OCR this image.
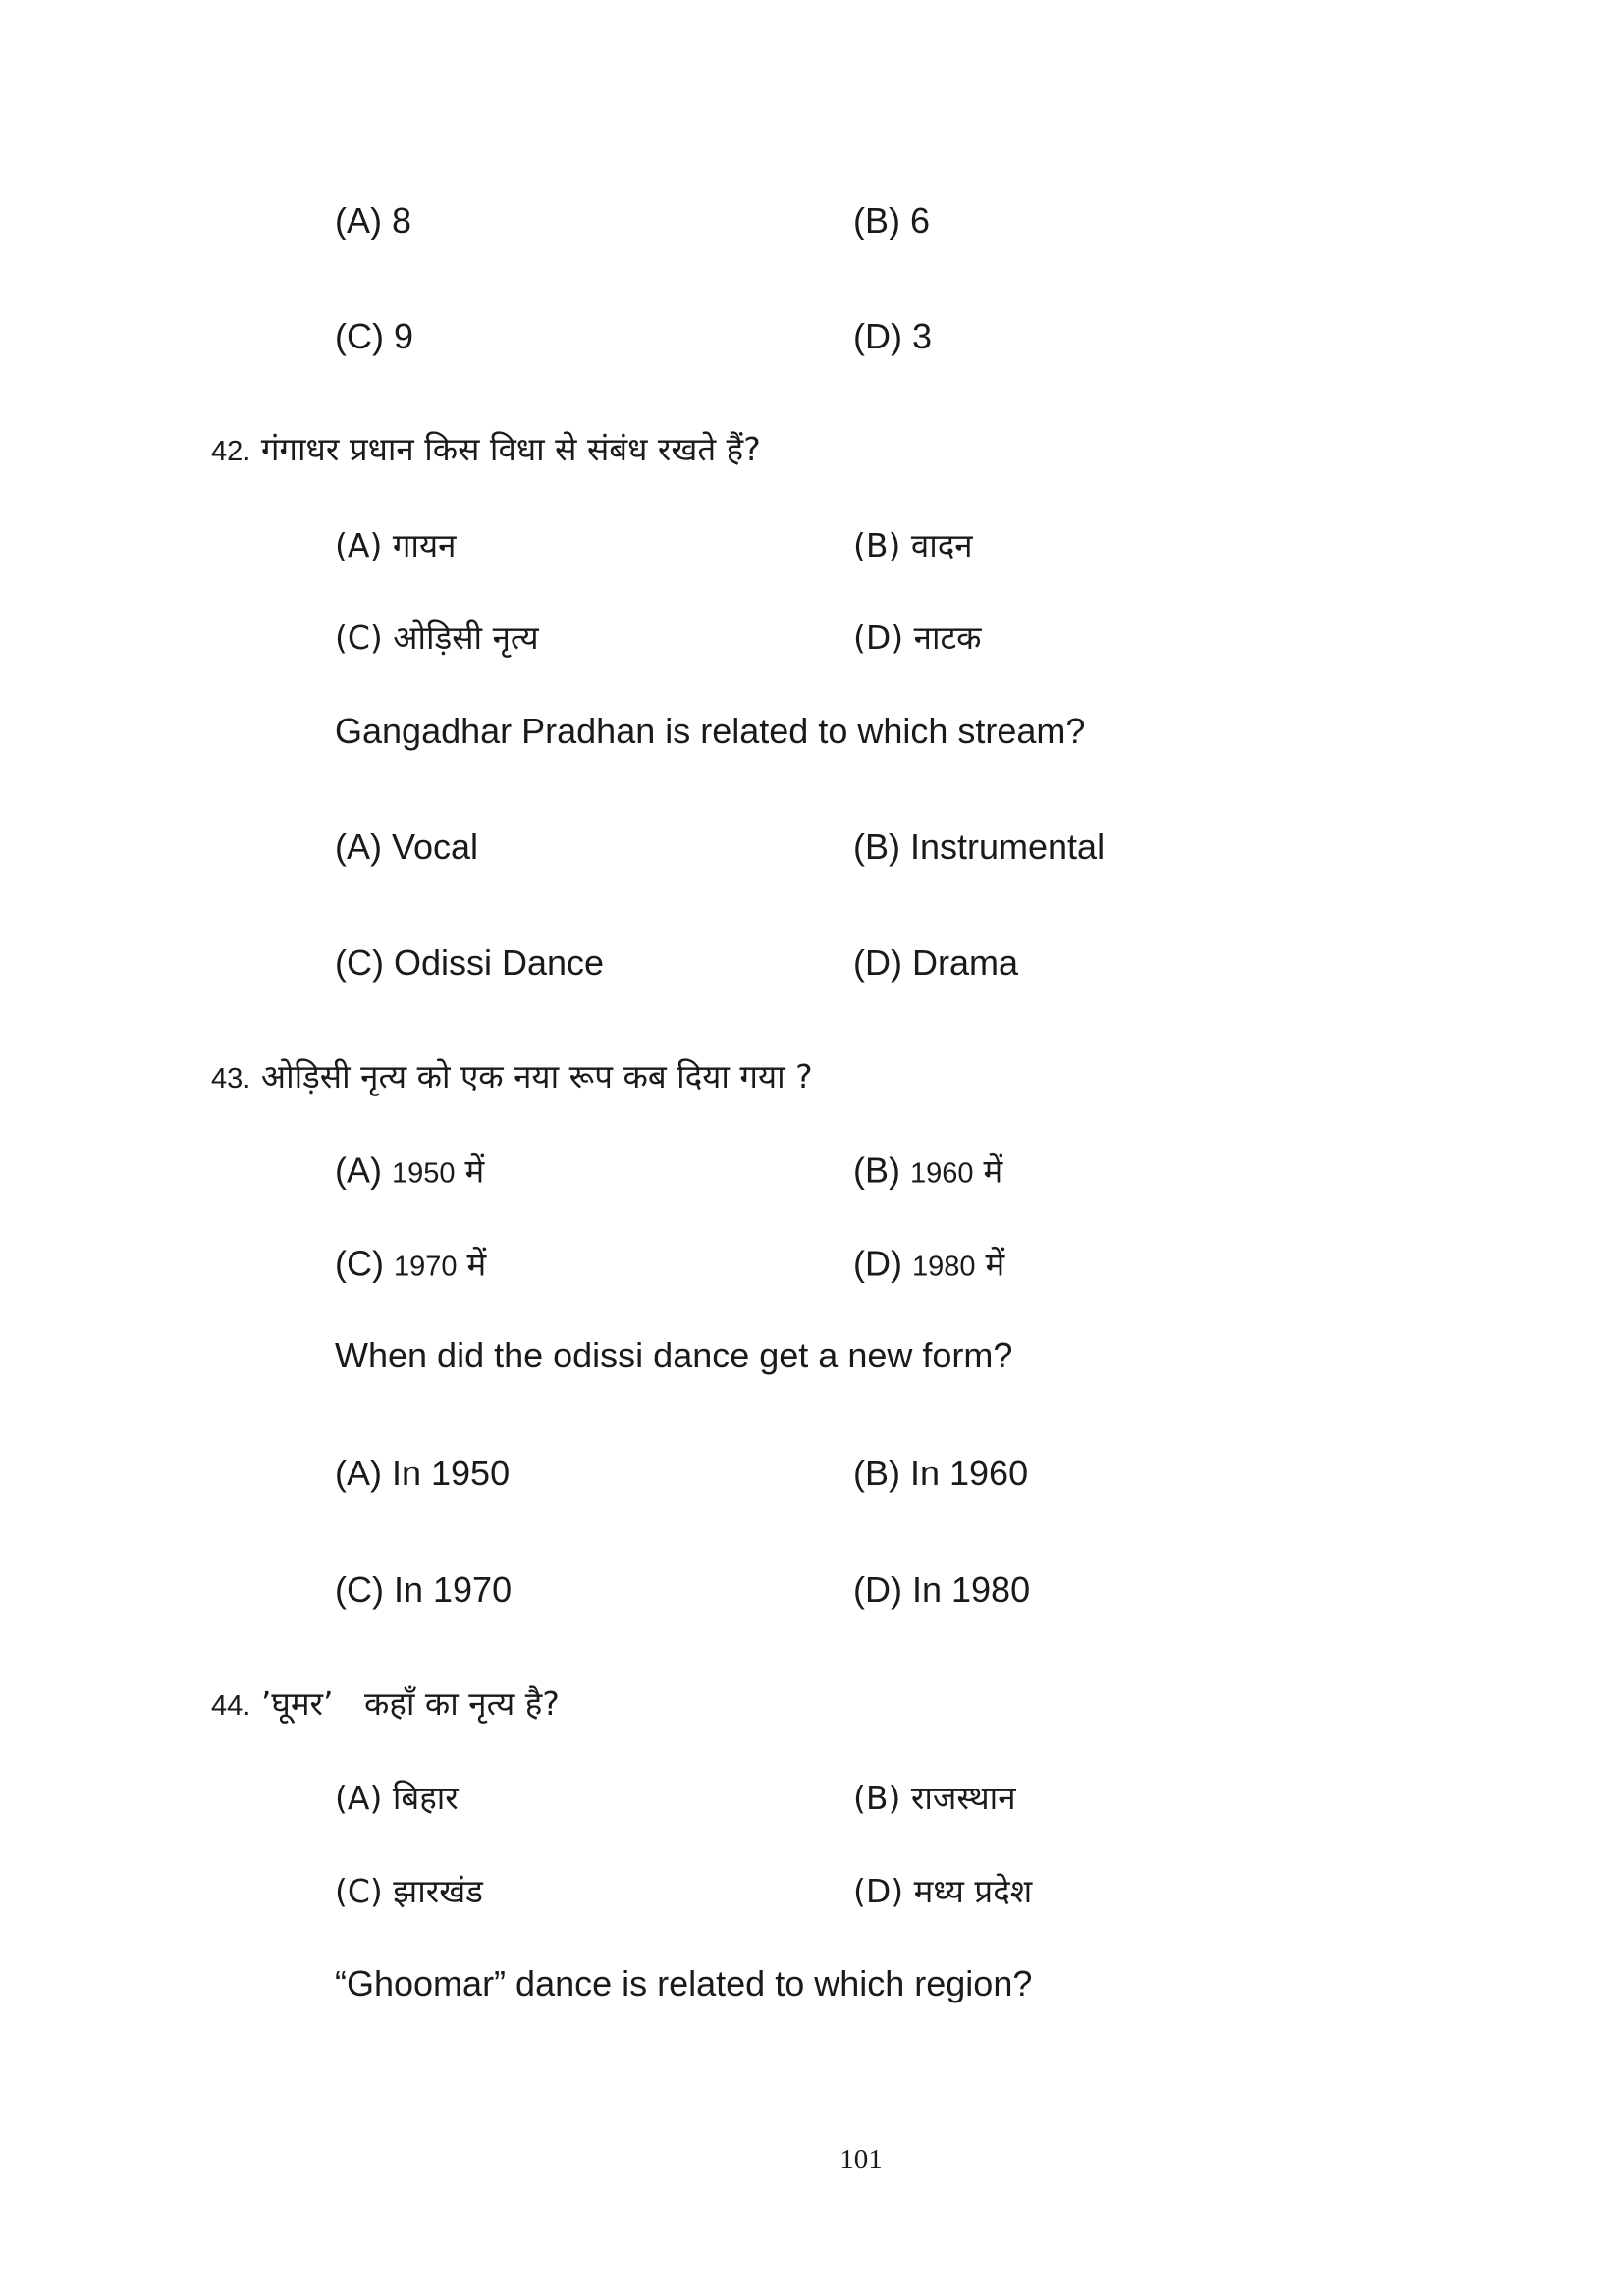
(A) 8	(B) 6
(C) 9	(D) 3
42. गंगाधर प्रधान किस विधा से संबंध रखते हैं?
(A) गायन	(B) वादन
(C) ओड़िसी नृत्य	(D) नाटक
Gangadhar Pradhan is related to which stream?
(A) Vocal	(B) Instrumental
(C) Odissi Dance	(D) Drama
43. ओड़िसी नृत्य को एक नया रूप कब दिया गया ?
(A) 1950 में	(B) 1960 में
(C) 1970 में	(D) 1980 में
When did the odissi dance get a new form?
(A) In 1950	(B) In 1960
(C) In 1970	(D) In 1980
44. ’घूमर’   कहाँ का नृत्य है?
(A) बिहार	(B) राजस्थान
(C) झारखंड	(D) मध्य प्रदेश
“Ghoomar” dance is related to which region?
101
